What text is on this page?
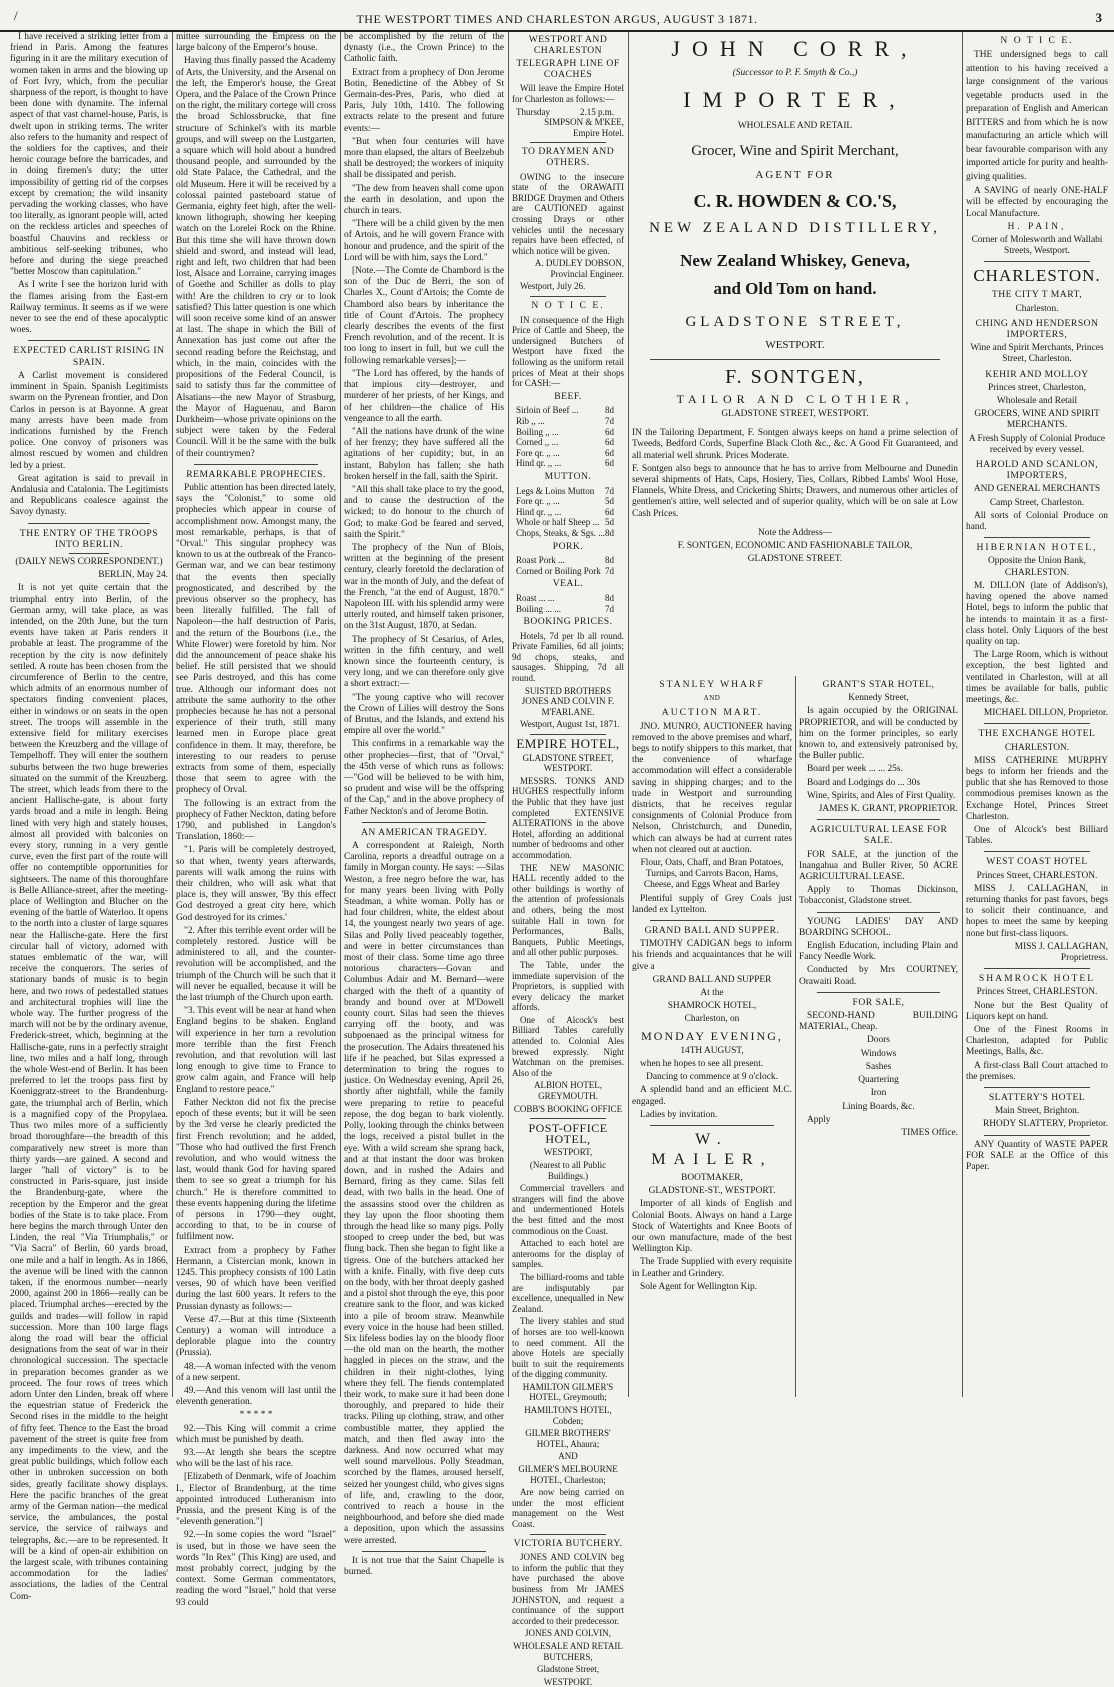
/	THE WESTPORT TIMES AND CHARLESTON ARGUS, AUGUST 3 1871.	3

I have received a striking letter from a friend in Paris. Among the features figuring in it are the military execution of women taken in arms and the blowing up of Fort Ivry, which, from the peculiar sharpness of the report, is thought to have been done with dynamite. The infernal aspect of that vast charnel-house, Paris, is dwelt upon in striking terms. The writer also refers to the humanity and respect of the soldiers for the captives, and their heroic courage before the barricades, and in doing firemen's duty; the utter impossibility of getting rid of the corpses except by cremation; the wild insanity pervading the working classes, who have too literally, as ignorant people will, acted on the reckless articles and speeches of boastful Chauvins and reckless or ambitious self-seeking tribunes, who before and during the siege preached "better Moscow than capitulation."

As I write I see the horizon lurid with the flames arising from the East-ern Railway terminus. It seems as if we were never to see the end of these apocalyptic woes.

EXPECTED CARLIST RISING IN SPAIN.

A Carlist movement is considered imminent in Spain. Spanish Legitimists swarm on the Pyrenean frontier, and Don Carlos in person is at Bayonne. A great many arrests have been made from indications furnished by the French police. One convoy of prisoners was almost rescued by women and children led by a priest.

Great agitation is said to prevail in Andalusia and Catalonia. The Legitimists and Republicans coalesce against the Savoy dynasty.

THE ENTRY OF THE TROOPS INTO BERLIN.

(DAILY NEWS CORRESPONDENT.)

BERLIN, May 24.

It is not yet quite certain that the triumphal entry into Berlin, of the German army, will take place, as was intended, on the 20th June, but the turn events have taken at Paris renders it probable at least. The programme of the reception by the city is now definitely settled. A route has been chosen from the circumference of Berlin to the centre, which admits of an enormous number of spectators finding convenient places, either in windows or on seats in the open street. The troops will assemble in the extensive field for military exercises between the Kreuzberg and the village of Tempelhoff. They will enter the southern suburbs between the two huge breweries situated on the summit of the Kreuzberg. The street, which leads from there to the ancient Hallische-gate, is about forty yards broad and a mile in length. Being lined with very high and stately houses, almost all provided with balconies on every story, running in a very gentle curve, even the first part of the route will offer no contemptible opportunities for sightseers. The name of this thoroughfare is Belle Alliance-street, after the meeting-place of Wellington and Blucher on the evening of the battle of Waterloo. It opens to the north into a cluster of large squares near the Hallische-gate. Here the first circular hall of victory, adorned with statues emblematic of the war, will receive the conquerors. The series of stationary bands of music is to begin here, and two rows of pedestalled statues and architectural trophies will line the whole way. The further progress of the march will not be by the ordinary avenue, Frederick-street, which, beginning at the Hallische-gate, runs in a perfectly straight line, two miles and a half long, through the whole West-end of Berlin. It has been preferred to let the troops pass first by Koeniggratz-street to the Brandenburg-gate, the triumphal arch of Berlin, which is a magnified copy of the Propylaea. Thus two miles more of a sufficiently broad thoroughfare—the breadth of this comparatively new street is more than thirty yards—are gained. A second and larger "hall of victory" is to be constructed in Paris-square, just inside the Brandenburg-gate, where the reception by the Emperor and the great bodies of the State is to take place. From here begins the march through Unter den Linden, the real "Via Triumphalis," or "Via Sacra" of Berlin, 60 yards broad, one mile and a half in length. As in 1866, the avenue will be lined with the cannon taken, if the enormous number—nearly 2000, against 200 in 1866—really can be placed. Triumphal arches—erected by the guilds and trades—will follow in rapid succession. More than 100 large flags along the road will bear the official designations from the seat of war in their chronological succession. The spectacle in preparation becomes grander as we proceed. The four rows of trees which adorn Unter den Linden, break off where the equestrian statue of Frederick the Second rises in the middle to the height of fifty feet. Thence to the East the broad pavement of the street is quite free from any impediments to the view, and the great public buildings, which follow each other in unbroken succession on both sides, greatly facilitate showy displays. Here the pacific branches of the great army of the German nation—the medical service, the ambulances, the postal service, the service of railways and telegraphs, &c.—are to be represented. It will be a kind of open-air exhibition on the largest scale, with tribunes containing accommodation for the ladies' associations, the ladies of the Central Com-

mittee surrounding the Empress on the large balcony of the Emperor's house.

Having thus finally passed the Academy of Arts, the University, and the Arsenal on the left, the Emperor's house, the Great Opera, and the Palace of the Crown Prince on the right, the military cortege will cross the broad Schlossbrucke, that fine structure of Schinkel's with its marble groups, and will sweep on the Lustgarten, a square which will hold about a hundred thousand people, and surrounded by the old State Palace, the Cathedral, and the old Museum. Here it will be received by a colossal painted pasteboard statue of Germania, eighty feet high, after the well-known lithograph, showing her keeping watch on the Lorelei Rock on the Rhine. But this time she will have thrown down shield and sword, and instead will lead, right and left, two children that had been lost, Alsace and Lorraine, carrying images of Goethe and Schiller as dolls to play with! Are the children to cry or to look satisfied? This latter question is one which will soon receive some kind of an answer at last. The shape in which the Bill of Annexation has just come out after the second reading before the Reichstag, and which, in the main, coincides with the propositions of the Federal Council, is said to satisfy thus far the committee of Alsatians—the new Mayor of Strasburg, the Mayor of Haguenau, and Baron Durkheim—whose private opinions on the subject were taken by the Federal Council. Will it be the same with the bulk of their countrymen?

REMARKABLE PROPHECIES.

Public attention has been directed lately, says the "Colonist," to some old prophecies which appear in course of accomplishment now. Amongst many, the most remarkable, perhaps, is that of "Orval." This singular prophecy was known to us at the outbreak of the Franco-German war, and we can bear testimony that the events then specially prognosticated, and described by the previous observer so the prophecy, has been literally fulfilled. The fall of Napoleon—the half destruction of Paris, and the return of the Bourbons (i.e., the White Flower) were foretold by him. Nor did the announcement of peace shake his belief. He still persisted that we should see Paris destroyed, and this has come true. Although our informant does not attribute the same authority to the other prophecies because he has not a personal experience of their truth, still many learned men in Europe place great confidence in them. It may, therefore, be interesting to our readers to peruse extracts from some of them, especially those that seem to agree with the prophecy of Orval.

The following is an extract from the prophecy of Father Neckton, dating before 1790, and published in Langdon's Translation, 1860:—

"1. Paris will be completely destroyed, so that when, twenty years afterwards, parents will walk among the ruins with their children, who will ask what that place is, they will answer, 'By this effect God destroyed a great city here, which God destroyed for its crimes.'

"2. After this terrible event order will be completely restored. Justice will be administered to all, and the counter-revolution will be accomplished, and the triumph of the Church will be such that it will never be equalled, because it will be the last triumph of the Church upon earth.

"3. This event will be near at hand when England begins to be shaken. England will experience in her turn a revolution more terrible than the first French revolution, and that revolution will last long enough to give time to France to grow calm again, and France will help England to restore peace."

Father Neckton did not fix the precise epoch of these events; but it will be seen by the 3rd verse he clearly predicted the first French revolution; and he added, "Those who had outlived the first French revolution, and who would witness the last, would thank God for having spared them to see so great a triumph for his church." He is therefore committed to these events happening during the lifetime of persons in 1790—they ought, according to that, to be in course of fulfilment now.

Extract from a prophecy by Father Hermann, a Cistercian monk, known in 1245. This prophecy consists of 100 Latin verses, 90 of which have been verified during the last 600 years. It refers to the Prussian dynasty as follows:—

Verse 47.—But at this time (Sixteenth Century) a woman will introduce a deplorable plague into the country (Prussia).

48.—A woman infected with the venom of a new serpent.

49.—And this venom will last until the eleventh generation.

* * * * *

92.—This King will commit a crime which must be punished by death.

93.—At length she bears the sceptre who will be the last of his race.

[Elizabeth of Denmark, wife of Joachim I., Elector of Brandenburg, at the time appointed introduced Lutheranism into Prussia, and the present King is of the "eleventh generation."]

92.—In some copies the word "Israel" is used, but in those we have seen the words "In Rex" (This King) are used, and most probably correct, judging by the context. Some German commentators, reading the word "Israel," hold that verse 93 could

be accomplished by the return of the dynasty (i.e., the Crown Prince) to the Catholic faith.

Extract from a prophecy of Don Jerome Botin, Benedictine of the Abbey of St Germain-des-Pres, Paris, who died at Paris, July 10th, 1410. The following extracts relate to the present and future events:—

"But when four centuries will have more than elapsed, the altars of Beelzebub shall be destroyed; the workers of iniquity shall be dissipated and perish.

"The dew from heaven shall come upon the earth in desolation, and upon the church in tears.

"There will be a child given by the men of Artois, and he will govern France with honour and prudence, and the spirit of the Lord will be with him, says the Lord."

[Note.—The Comte de Chambord is the son of the Duc de Berri, the son of Charles X., Count d'Artois; the Comte de Chambord also bears by inheritance the title of Count d'Artois. The prophecy clearly describes the events of the first French revolution, and of the recent. It is too long to insert in full, but we cull the following remarkable verses];—

"The Lord has offered, by the hands of that impious city—destroyer, and murderer of her priests, of her Kings, and of her children—the chalice of His vengeance to all the earth.

"All the nations have drunk of the wine of her frenzy; they have suffered all the agitations of her cupidity; but, in an instant, Babylon has fallen; she hath broken herself in the fall, saith the Spirit.

"All this shall take place to try the good, and to cause the destruction of the wicked; to do honour to the church of God; to make God be feared and served, saith the Spirit."

The prophecy of the Nun of Blois, written at the beginning of the present century, clearly foretold the declaration of war in the month of July, and the defeat of the French, "at the end of August, 1870." Napoleon III. with his splendid army were utterly routed, and himself taken prisoner, on the 31st August, 1870, at Sedan.

The prophecy of St Cesarius, of Arles, written in the fifth century, and well known since the fourteenth century, is very long, and we can therefore only give a short extract:—

"The young captive who will recover the Crown of Lilies will destroy the Sons of Brutus, and the Islands, and extend his empire all over the world."

This confirms in a remarkable way the other prophecies—first, that of "Orval," the 45th verse of which runs as follows:—"God will be believed to be with him, so prudent and wise will be the offspring of the Cap," and in the above prophecy of Father Neckton's and of Jerome Botin.

AN AMERICAN TRAGEDY.

A correspondent at Raleigh, North Carolina, reports a dreadful outrage on a family in Morgan county. He says: —Silas Weston, a free negro before the war, has for many years been living with Polly Steadman, a white woman. Polly has or had four children, white, the eldest about 14, the youngest nearly two years of age. Silas and Polly lived peaceably together, and were in better circumstances than most of their class. Some time ago three notorious characters—Govan and Columbus Adair and M. Bernard—were charged with the theft of a quantity of brandy and bound over at M'Dowell county court. Silas had seen the thieves carrying off the booty, and was subpoenaed as the principal witness for the prosecution. The Adairs threatened his life if he peached, but Silas expressed a determination to bring the rogues to justice. On Wednesday evening, April 26, shortly after nightfall, while the family were preparing to retire to peaceful repose, the dog began to bark violently. Polly, looking through the chinks between the logs, received a pistol bullet in the eye. With a wild scream she sprang back, and at that instant the door was broken down, and in rushed the Adairs and Bernard, firing as they came. Silas fell dead, with two balls in the head. One of the assassins stood over the children as they lay upon the floor shooting them through the head like so many pigs. Polly stooped to creep under the bed, but was flung back. Then she began to fight like a tigress. One of the butchers attacked her with a knife. Finally, with five deep cuts on the body, with her throat deeply gashed and a pistol shot through the eye, this poor creature sank to the floor, and was kicked into a pile of broom straw. Meanwhile every voice in the house had been stilled. Six lifeless bodies lay on the bloody floor—the old man on the hearth, the mother haggled in pieces on the straw, and the children in their night-clothes, lying where they fell. The fiends contemplated their work, to make sure it had been done thoroughly, and prepared to hide their tracks. Piling up clothing, straw, and other combustible matter, they applied the match, and then fled away into the darkness. And now occurred what may well sound marvellous. Polly Steadman, scorched by the flames, aroused herself, seized her youngest child, who gives signs of life, and, crawling to the door, contrived to reach a house in the neighbourhood, and before she died made a deposition, upon which the assassins were arrested.

It is not true that the Saint Chapelle is burned.

WESTPORT AND CHARLESTON
TELEGRAPH LINE OF COACHES

Will leave the Empire Hotel for Charleston as follows:—

Thursday	2.15 p.m.

SIMPSON & M'KEE, Empire Hotel.

TO DRAYMEN AND OTHERS.

OWING to the insecure state of the ORAWAITI BRIDGE Draymen and Others are CAUTIONED against crossing Drays or other vehicles until the necessary repairs have been effected, of which notice will be given.

A. DUDLEY DOBSON, Provincial Engineer.

Westport, July 26.

N O T I C E.

IN consequence of the High Price of Cattle and Sheep, the undersigned Butchers of Westport have fixed the following as the uniform retail prices of Meat at their shops for CASH:—

BEEF.
Sirloin of Beef ...	8d
Rib ,, ...	7d
Boiling ,, ...	6d
Corned ,, ...	6d
Fore qr. ,, ...	6d
Hind qr. ,, ...	6d
MUTTON.
Legs & Loins Mutton 7d
Fore qr. ,, ...	5d
Hind qr. ,, ...	6d
Whole or half Sheep ... 5d
Chops, Steaks, & Sgs. ... 8d
PORK.
Roast Pork ...	8d
Corned or Boiling Pork 7d
VEAL.
Roast ... ...	8d
Boiling ... ...	7d
BOOKING PRICES.

Hotels, 7d per lb all round. Private Families, 6d all joints; 9d chops, steaks, and sausages. Shipping, 7d all round.

SUISTED BROTHERS JONES AND COLVIN F. M'FARLANE.

Westport, August 1st, 1871.

EMPIRE HOTEL,

GLADSTONE STREET, WESTPORT.

MESSRS. TONKS AND HUGHES respectfully inform the Public that they have just completed EXTENSIVE ALTERATIONS in the above Hotel, affording an additional number of bedrooms and other accommodation.

THE NEW MASONIC HALL recently added to the other buildings is worthy of the attention of professionals and others, being the most suitable Hall in town for Performances, Balls, Banquets, Public Meetings, and all other public purposes.

The Table, under the immediate supervision of the Proprietors, is supplied with every delicacy the market affords.

One of Alcock's best Billiard Tables carefully attended to. Colonial Ales brewed expressly. Night Watchman on the premises. Also of the

ALBION HOTEL, GREYMOUTH.

COBB'S BOOKING OFFICE

POST-OFFICE HOTEL,

WESTPORT,

(Nearest to all Public Buildings.)

Commercial travellers and strangers will find the above and undermentioned Hotels the best fitted and the most commodious on the Coast.

Attached to each hotel are anterooms for the display of samples.

The billiard-rooms and table are indisputably par excellence, unequalled in New Zealand.

The livery stables and stud of horses are too well-known to need comment. All the above Hotels are specially built to suit the requirements of the digging community.

HAMILTON GILMER'S HOTEL, Greymouth;

HAMILTON'S HOTEL, Cobden;

GILMER BROTHERS' HOTEL, Ahaura;

AND

GILMER'S MELBOURNE HOTEL, Charleston;

Are now being carried on under the most efficient management on the West Coast.

VICTORIA BUTCHERY.

JONES AND COLVIN beg to inform the public that they have purchased the above business from Mr JAMES JOHNSTON, and request a continuance of the support accorded to their predecessor.

JONES AND COLVIN,

WHOLESALE AND RETAIL BUTCHERS,

Gladstone Street,

WESTPORT.

JOHN CORR,

(Successor to P. F. Smyth & Co.,)

IMPORTER,

WHOLESALE AND RETAIL

Grocer, Wine and Spirit Merchant,

AGENT FOR

C. R. HOWDEN & CO.'S,

NEW ZEALAND DISTILLERY,

New Zealand Whiskey, Geneva,

and Old Tom on hand.

GLADSTONE STREET,

WESTPORT.

F. SONTGEN,

TAILOR AND CLOTHIER,

GLADSTONE STREET, WESTPORT.

IN the Tailoring Department, F. Sontgen always keeps on hand a prime selection of Tweeds, Bedford Cords, Superfine Black Cloth &c., &c. A Good Fit Guaranteed, and all material well shrunk. Prices Moderate.

F. Sontgen also begs to announce that he has to arrive from Melbourne and Dunedin several shipments of Hats, Caps, Hosiery, Ties, Collars, Ribbed Lambs' Wool Hose, Flannels, White Dress, and Cricketing Shirts; Drawers, and numerous other articles of gentlemen's attire, well selected and of superior quality, which will be on sale at Low Cash Prices.

Note the Address—

F. SONTGEN, ECONOMIC AND FASHIONABLE TAILOR,

GLADSTONE STREET.

STANLEY WHARF
AND
AUCTION MART.

JNO. MUNRO, AUCTIONEER having removed to the above premises and wharf, begs to notify shippers to this market, that the convenience of wharfage accommodation will effect a considerable saving in shipping charges; and to the trade in Westport and surrounding districts, that he receives regular consignments of Colonial Produce from Nelson, Christchurch, and Dunedin, which can always be had at current rates when not cleared out at auction.

Flour, Oats, Chaff, and Bran Potatoes, Turnips, and Carrots Bacon, Hams, Cheese, and Eggs Wheat and Barley

Plentiful supply of Grey Coals just landed ex Lyttelton.

GRAND BALL AND SUPPER.

TIMOTHY CADIGAN begs to inform his friends and acquaintances that he will give a

GRAND BALL AND SUPPER

At the

SHAMROCK HOTEL,

Charleston, on

MONDAY EVENING,

14TH AUGUST,

when he hopes to see all present.

Dancing to commence at 9 o'clock.

A splendid band and an efficient M.C. engaged.

Ladies by invitation.

W. MAILER,

BOOTMAKER,

GLADSTONE-ST., WESTPORT.

Importer of all kinds of English and Colonial Boots. Always on hand a Large Stock of Watertights and Knee Boots of our own manufacture, made of the best Wellington Kip.

The Trade Supplied with every requisite in Leather and Grindery.

Sole Agent for Wellington Kip.

GRANT'S STAR HOTEL,

Kennedy Street,

Is again occupied by the ORIGINAL PROPRIETOR, and will be conducted by him on the former principles, so early known to, and extensively patronised by, the Buller public.

Board per week ... ... 25s.

Board and Lodgings do ... 30s

Wine, Spirits, and Ales of First Quality.

JAMES K. GRANT, PROPRIETOR.

AGRICULTURAL LEASE FOR SALE.

FOR SALE, at the junction of the Inangahua and Buller River, 50 ACRE AGRICULTURAL LEASE.

Apply to Thomas Dickinson, Tobacconist, Gladstone street.

YOUNG LADIES' DAY AND BOARDING SCHOOL.

English Education, including Plain and Fancy Needle Work.

Conducted by Mrs COURTNEY, Orawaiti Road.

FOR SALE,

SECOND-HAND BUILDING MATERIAL, Cheap.

Doors

Windows

Sashes

Quartering

Iron

Lining Boards, &c.

Apply

TIMES Office.

N O T I C E.

THE undersigned begs to call attention to his having received a large consignment of the various vegetable products used in the preparation of English and American BITTERS and from which he is now manufacturing an article which will bear favourable comparison with any imported article for purity and health-giving qualities.

A SAVING of nearly ONE-HALF will be effected by encouraging the Local Manufacture.

H. PAIN,

Corner of Molesworth and Wallabi Streets, Westport.

CHARLESTON.
THE CITY T MART,

Charleston.

CHING AND HENDERSON IMPORTERS,

Wine and Spirit Merchants, Princes Street, Charleston.

KEHIR AND MOLLOY

Princes street, Charleston,

Wholesale and Retail

GROCERS, WINE AND SPIRIT MERCHANTS.

A Fresh Supply of Colonial Produce received by every vessel.

HAROLD AND SCANLON, IMPORTERS,

AND GENERAL MERCHANTS

Camp Street, Charleston.

All sorts of Colonial Produce on hand.

HIBERNIAN HOTEL,

Opposite the Union Bank, CHARLESTON.

M. DILLON (late of Addison's), having opened the above named Hotel, begs to inform the public that he intends to maintain it as a first-class hotel. Only Liquors of the best quality on tap.

The Large Room, which is without exception, the best lighted and ventilated in Charleston, will at all times be available for balls, public meetings, &c.

MICHAEL DILLON, Proprietor.

THE EXCHANGE HOTEL

CHARLESTON.

MISS CATHERINE MURPHY begs to inform her friends and the public that she has Removed to those commodious premises known as the Exchange Hotel, Princes Street Charleston.

One of Alcock's best Billiard Tables.

WEST COAST HOTEL

Princes Street, CHARLESTON.

MISS J. CALLAGHAN, in returning thanks for past favors, begs to solicit their continuance, and hopes to meet the same by keeping none but first-class liquors.

MISS J. CALLAGHAN, Proprietress.

SHAMROCK HOTEL

Princes Street, CHARLESTON.

None but the Best Quality of Liquors kept on hand.

One of the Finest Rooms in Charleston, adapted for Public Meetings, Balls, &c.

A first-class Ball Court attached to the premises.

SLATTERY'S HOTEL

Main Street, Brighton.

RHODY SLATTERY, Proprietor.

ANY Quantity of WASTE PAPER FOR SALE at the Office of this Paper.
